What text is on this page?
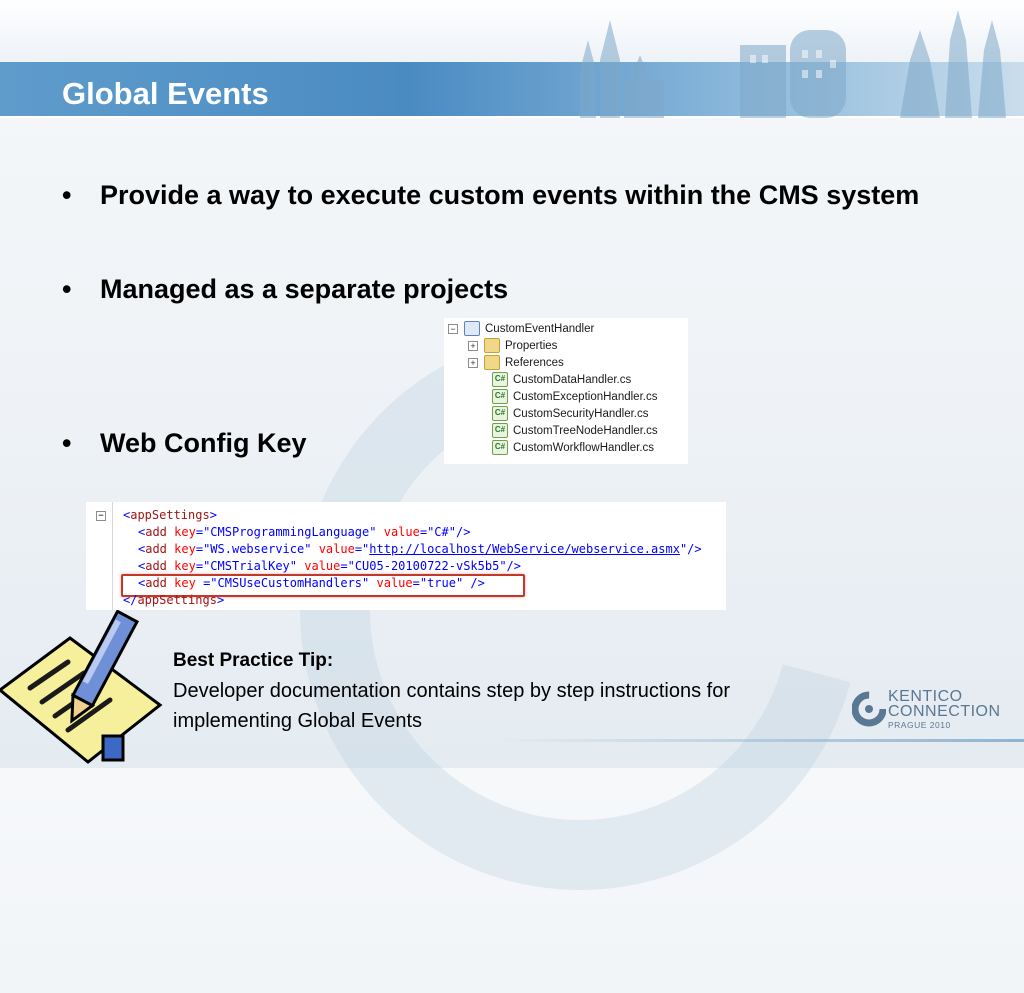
Global Events
•	Provide a way to execute custom events within the CMS system
•	Managed as a separate projects
•	Web Config Key
−	CustomEventHandler
+	Properties
+	References
C# CustomDataHandler.cs
C# CustomExceptionHandler.cs
C# CustomSecurityHandler.cs
C# CustomTreeNodeHandler.cs
C# CustomWorkflowHandler.cs
− <appSettings>
<add key="CMSProgrammingLanguage" value="C#"/>
<add key="WS.webservice" value="http://localhost/WebService/webservice.asmx"/>
<add key="CMSTrialKey" value="CU05-20100722-vSk5b5"/>
<add key ="CMSUseCustomHandlers" value="true" />
</appSettings>
Best Practice Tip:
Developer documentation contains step by step instructions for implementing Global Events
KENTICO
CONNECTION
PRAGUE 2010
